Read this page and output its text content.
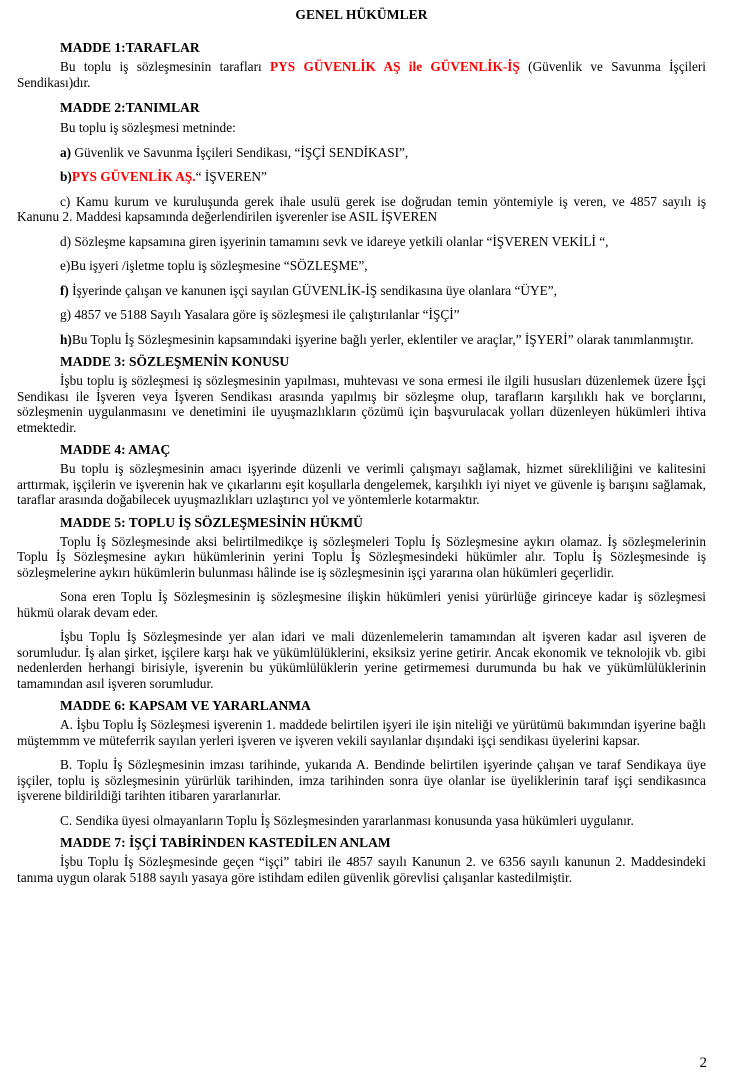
GENEL HÜKÜMLER
MADDE 1:TARAFLAR

Bu toplu iş sözleşmesinin tarafları PYS GÜVENLİK AŞ ile GÜVENLİK-İŞ (Güvenlik ve Savunma İşçileri Sendikası)dır.

MADDE 2:TANIMLAR

Bu toplu iş sözleşmesi metninde:

a) Güvenlik ve Savunma İşçileri Sendikası, “İŞÇİ SENDİKASI”,

b)PYS GÜVENLİK AŞ.“ İŞVEREN”

c) Kamu kurum ve kuruluşunda gerek ihale usulü gerek ise doğrudan temin yöntemiyle iş veren, ve 4857 sayılı iş Kanunu 2. Maddesi kapsamında değerlendirilen işverenler ise ASIL İŞVEREN

d) Sözleşme kapsamına giren işyerinin tamamını sevk ve idareye yetkili olanlar “İŞVEREN VEKİLİ “,

e)Bu işyeri /işletme toplu iş sözleşmesine “SÖZLEŞME”,

f) İşyerinde çalışan ve kanunen işçi sayılan GÜVENLİK-İŞ sendikasına üye olanlara “ÜYE”,

g) 4857 ve 5188 Sayılı Yasalara göre iş sözleşmesi ile çalıştırılanlar “İŞÇİ”

h)Bu Toplu İş Sözleşmesinin kapsamındaki işyerine bağlı yerler, eklentiler ve araçlar,” İŞYERİ” olarak tanımlanmıştır.

MADDE 3: SÖZLEŞMENİN KONUSU

İşbu toplu iş sözleşmesi iş sözleşmesinin yapılması, muhtevası ve sona ermesi ile ilgili hususları düzenlemek üzere İşçi Sendikası ile İşveren veya İşveren Sendikası arasında yapılmış bir sözleşme olup, tarafların karşılıklı hak ve borçlarını, sözleşmenin uygulanmasını ve denetimini ile uyuşmazlıkların çözümü için başvurulacak yolları düzenleyen hükümleri ihtiva etmektedir.

MADDE 4: AMAÇ

Bu toplu iş sözleşmesinin amacı işyerinde düzenli ve verimli çalışmayı sağlamak, hizmet sürekliliğini ve kalitesini arttırmak, işçilerin ve işverenin hak ve çıkarlarını eşit koşullarla dengelemek, karşılıklı iyi niyet ve güvenle iş barışını sağlamak, taraflar arasında doğabilecek uyuşmazlıkları uzlaştırıcı yol ve yöntemlerle kotarmaktır.

MADDE 5: TOPLU İŞ SÖZLEŞMESİNİN HÜKMÜ

Toplu İş Sözleşmesinde aksi belirtilmedikçe iş sözleşmeleri Toplu İş Sözleşmesine aykırı olamaz. İş sözleşmelerinin Toplu İş Sözleşmesine aykırı hükümlerinin yerini Toplu İş Sözleşmesindeki hükümler alır. Toplu İş Sözleşmesinde iş sözleşmelerine aykırı hükümlerin bulunması hâlinde ise iş sözleşmesinin işçi yararına olan hükümleri geçerlidir.

Sona eren Toplu İş Sözleşmesinin iş sözleşmesine ilişkin hükümleri yenisi yürürlüğe girinceye kadar iş sözleşmesi hükmü olarak devam eder.

İşbu Toplu İş Sözleşmesinde yer alan idari ve mali düzenlemelerin tamamından alt işveren kadar asıl işveren de sorumludur. İş alan şirket, işçilere karşı hak ve yükümlülüklerini, eksiksiz yerine getirir. Ancak ekonomik ve teknolojik vb. gibi nedenlerden herhangi birisiyle, işverenin bu yükümlülüklerin yerine getirmemesi durumunda bu hak ve yükümlülüklerinin tamamından asıl işveren sorumludur.

MADDE 6: KAPSAM VE YARARLANMA

A. İşbu Toplu İş Sözleşmesi işverenin 1. maddede belirtilen işyeri ile işin niteliği ve yürütümü bakımından işyerine bağlı müştemmm ve müteferrik sayılan yerleri işveren ve işveren vekili sayılanlar dışındaki işçi sendikası üyelerini kapsar.

B. Toplu İş Sözleşmesinin imzası tarihinde, yukarıda A. Bendinde belirtilen işyerinde çalışan ve taraf Sendikaya üye işçiler, toplu iş sözleşmesinin yürürlük tarihinden, imza tarihinden sonra üye olanlar ise üyeliklerinin taraf işçi sendikasınca işverene bildirildiği tarihten itibaren yararlanırlar.

C. Sendika üyesi olmayanların Toplu İş Sözleşmesinden yararlanması konusunda yasa hükümleri uygulanır.

MADDE 7: İŞÇİ TABİRİNDEN KASTEDİLEN ANLAM

İşbu Toplu İş Sözleşmesinde geçen “işçi” tabiri ile 4857 sayılı Kanunun 2. ve 6356 sayılı kanunun 2. Maddesindeki tanıma uygun olarak 5188 sayılı yasaya göre istihdam edilen güvenlik görevlisi çalışanlar kastedilmiştir.

2
